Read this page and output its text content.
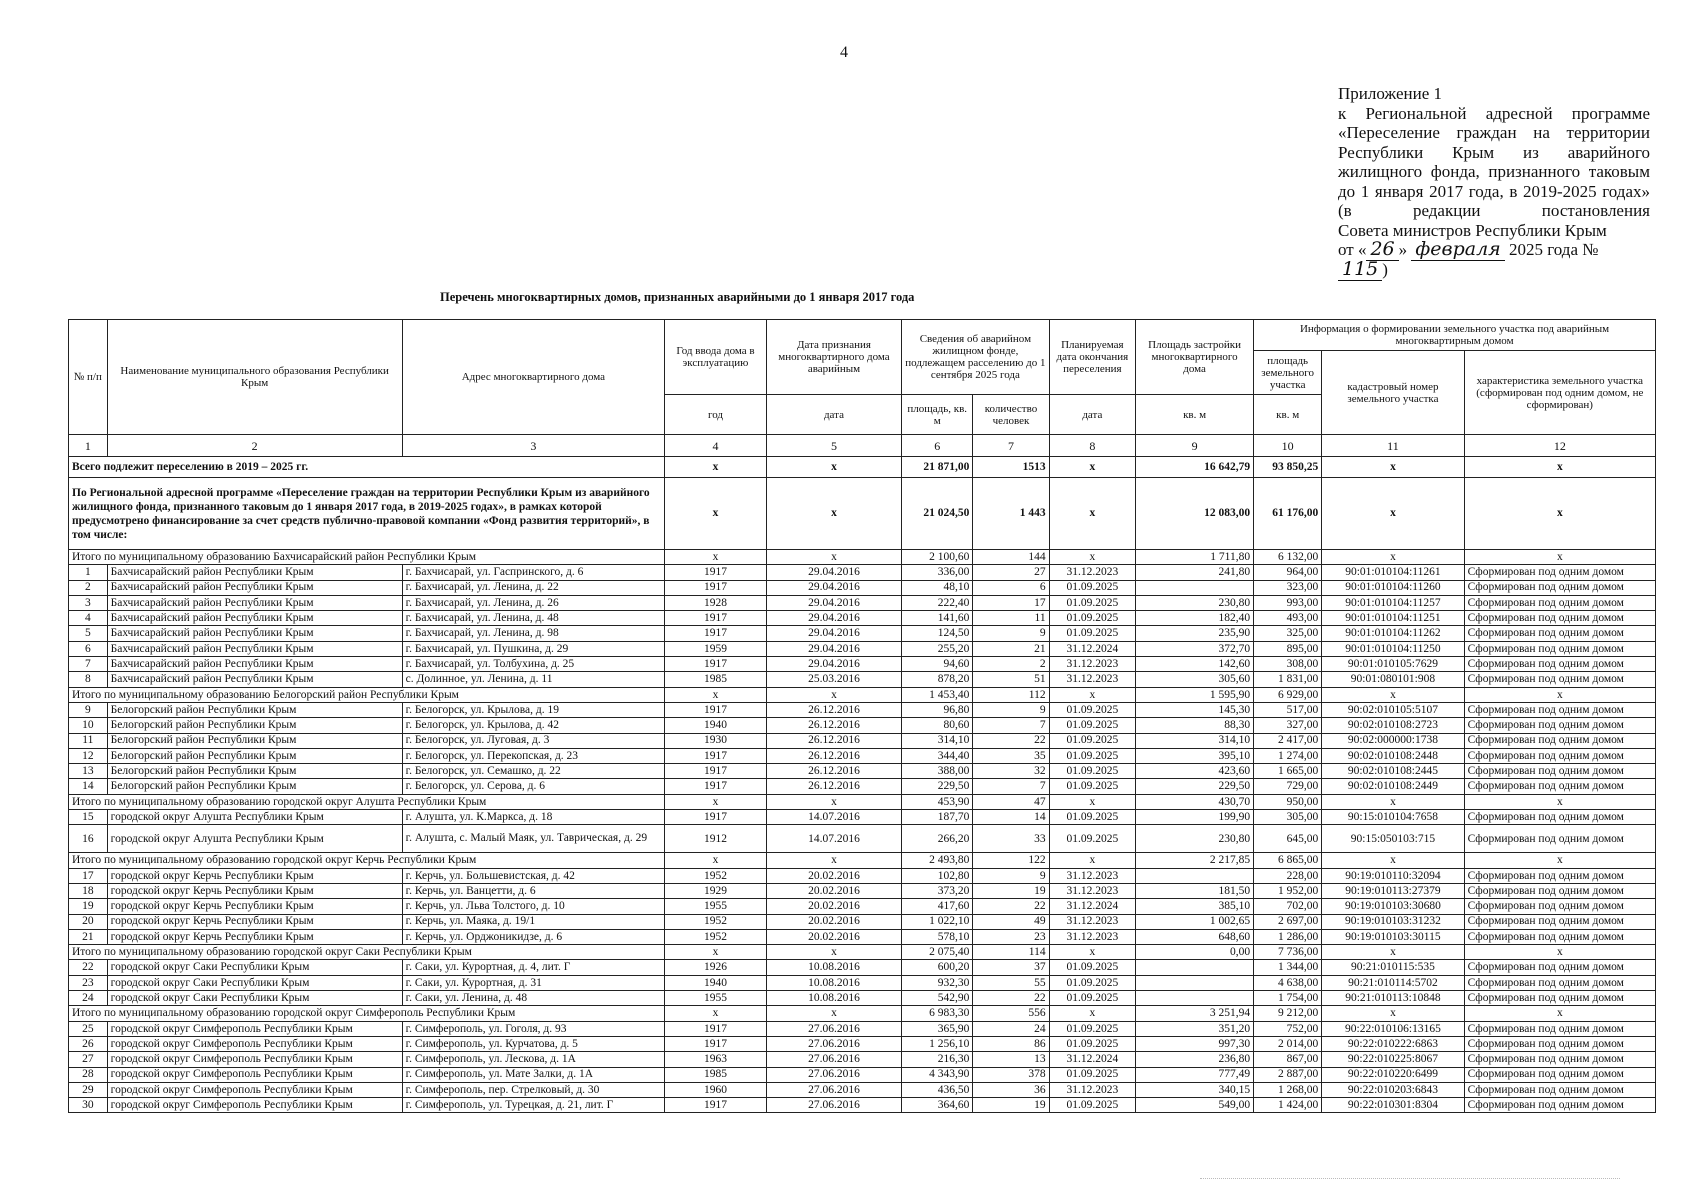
4
Приложение 1
к Региональной адресной программе
«Переселение граждан на территории
Республики Крым из аварийного
жилищного фонда, признанного таковым
до 1 января 2017 года, в 2019-2025 годах»
(в редакции постановления
Совета министров Республики Крым
от « 26 » февраля 2025 года № 115 )
Перечень многоквартирных домов, признанных аварийными до 1 января 2017 года
№ п/п	Наименование муниципального образования Республики Крым	Адрес многоквартирного дома	Год ввода дома в эксплуатацию	Дата признания многоквартирного дома аварийным	Сведения об аварийном жилищном фонде, подлежащем расселению до 1 сентября 2025 года		Планируемая дата окончания переселения	Площадь застройки многоквартирного дома	Информация о формировании земельного участка под аварийным многоквартирным домом		
									площадь земельного участка	кадастровый номер земельного участка	характеристика земельного участка (сформирован под одним домом, не сформирован)
			год	дата	площадь, кв. м	количество человек	дата	кв. м	кв. м		
1	2	3	4	5	6	7	8	9	10	11	12
Всего подлежит переселению в 2019 – 2025 гг.			x	x	21 871,00	1513	x	16 642,79	93 850,25	x	x
По Региональной адресной программе «Переселение граждан на территории Республики Крым из аварийного жилищного фонда, признанного таковым до 1 января 2017 года, в 2019-2025 годах», в рамках которой предусмотрено финансирование за счет средств публично-правовой компании «Фонд развития территорий», в том числе:			x	x	21 024,50	1 443	x	12 083,00	61 176,00	x	x
Итого по муниципальному образованию Бахчисарайский район Республики Крым			x	x	2 100,60	144	x	1 711,80	6 132,00	x	x
1	Бахчисарайский район Республики Крым	г. Бахчисарай, ул. Гаспринского, д. 6	1917	29.04.2016	336,00	27	31.12.2023	241,80	964,00	90:01:010104:11261	Сформирован под одним домом
2	Бахчисарайский район Республики Крым	г. Бахчисарай, ул. Ленина, д. 22	1917	29.04.2016	48,10	6	01.09.2025		323,00	90:01:010104:11260	Сформирован под одним домом
3	Бахчисарайский район Республики Крым	г. Бахчисарай, ул. Ленина, д. 26	1928	29.04.2016	222,40	17	01.09.2025	230,80	993,00	90:01:010104:11257	Сформирован под одним домом
4	Бахчисарайский район Республики Крым	г. Бахчисарай, ул. Ленина, д. 48	1917	29.04.2016	141,60	11	01.09.2025	182,40	493,00	90:01:010104:11251	Сформирован под одним домом
5	Бахчисарайский район Республики Крым	г. Бахчисарай, ул. Ленина, д. 98	1917	29.04.2016	124,50	9	01.09.2025	235,90	325,00	90:01:010104:11262	Сформирован под одним домом
6	Бахчисарайский район Республики Крым	г. Бахчисарай, ул. Пушкина, д. 29	1959	29.04.2016	255,20	21	31.12.2024	372,70	895,00	90:01:010104:11250	Сформирован под одним домом
7	Бахчисарайский район Республики Крым	г. Бахчисарай, ул. Толбухина, д. 25	1917	29.04.2016	94,60	2	31.12.2023	142,60	308,00	90:01:010105:7629	Сформирован под одним домом
8	Бахчисарайский район Республики Крым	с. Долинное, ул. Ленина, д. 11	1985	25.03.2016	878,20	51	31.12.2023	305,60	1 831,00	90:01:080101:908	Сформирован под одним домом
Итого по муниципальному образованию Белогорский район Республики Крым			x	x	1 453,40	112	x	1 595,90	6 929,00	x	x
9	Белогорский район Республики Крым	г. Белогорск, ул. Крылова, д. 19	1917	26.12.2016	96,80	9	01.09.2025	145,30	517,00	90:02:010105:5107	Сформирован под одним домом
10	Белогорский район Республики Крым	г. Белогорск, ул. Крылова, д. 42	1940	26.12.2016	80,60	7	01.09.2025	88,30	327,00	90:02:010108:2723	Сформирован под одним домом
11	Белогорский район Республики Крым	г. Белогорск, ул. Луговая, д. 3	1930	26.12.2016	314,10	22	01.09.2025	314,10	2 417,00	90:02:000000:1738	Сформирован под одним домом
12	Белогорский район Республики Крым	г. Белогорск, ул. Перекопская, д. 23	1917	26.12.2016	344,40	35	01.09.2025	395,10	1 274,00	90:02:010108:2448	Сформирован под одним домом
13	Белогорский район Республики Крым	г. Белогорск, ул. Семашко, д. 22	1917	26.12.2016	388,00	32	01.09.2025	423,60	1 665,00	90:02:010108:2445	Сформирован под одним домом
14	Белогорский район Республики Крым	г. Белогорск, ул. Серова, д. 6	1917	26.12.2016	229,50	7	01.09.2025	229,50	729,00	90:02:010108:2449	Сформирован под одним домом
Итого по муниципальному образованию городской округ Алушта Республики Крым			x	x	453,90	47	x	430,70	950,00	x	x
15	городской округ Алушта Республики Крым	г. Алушта, ул. К.Маркса, д. 18	1917	14.07.2016	187,70	14	01.09.2025	199,90	305,00	90:15:010104:7658	Сформирован под одним домом
16	городской округ Алушта Республики Крым	г. Алушта, с. Малый Маяк, ул. Таврическая, д. 29	1912	14.07.2016	266,20	33	01.09.2025	230,80	645,00	90:15:050103:715	Сформирован под одним домом
Итого по муниципальному образованию городской округ Керчь Республики Крым			x	x	2 493,80	122	x	2 217,85	6 865,00	x	x
17	городской округ Керчь Республики Крым	г. Керчь, ул. Большевистская, д. 42	1952	20.02.2016	102,80	9	31.12.2023		228,00	90:19:010110:32094	Сформирован под одним домом
18	городской округ Керчь Республики Крым	г. Керчь, ул. Ванцетти, д. 6	1929	20.02.2016	373,20	19	31.12.2023	181,50	1 952,00	90:19:010113:27379	Сформирован под одним домом
19	городской округ Керчь Республики Крым	г. Керчь, ул. Льва Толстого, д. 10	1955	20.02.2016	417,60	22	31.12.2024	385,10	702,00	90:19:010103:30680	Сформирован под одним домом
20	городской округ Керчь Республики Крым	г. Керчь, ул. Маяка, д. 19/1	1952	20.02.2016	1 022,10	49	31.12.2023	1 002,65	2 697,00	90:19:010103:31232	Сформирован под одним домом
21	городской округ Керчь Республики Крым	г. Керчь, ул. Орджоникидзе, д. 6	1952	20.02.2016	578,10	23	31.12.2023	648,60	1 286,00	90:19:010103:30115	Сформирован под одним домом
Итого по муниципальному образованию городской округ Саки Республики Крым			x	x	2 075,40	114	x	0,00	7 736,00	x	x
22	городской округ Саки Республики Крым	г. Саки, ул. Курортная, д. 4, лит. Г	1926	10.08.2016	600,20	37	01.09.2025		1 344,00	90:21:010115:535	Сформирован под одним домом
23	городской округ Саки Республики Крым	г. Саки, ул. Курортная, д. 31	1940	10.08.2016	932,30	55	01.09.2025		4 638,00	90:21:010114:5702	Сформирован под одним домом
24	городской округ Саки Республики Крым	г. Саки, ул. Ленина, д. 48	1955	10.08.2016	542,90	22	01.09.2025		1 754,00	90:21:010113:10848	Сформирован под одним домом
Итого по муниципальному образованию городской округ Симферополь Республики Крым			x	x	6 983,30	556	x	3 251,94	9 212,00	x	x
25	городской округ Симферополь Республики Крым	г. Симферополь, ул. Гоголя, д. 93	1917	27.06.2016	365,90	24	01.09.2025	351,20	752,00	90:22:010106:13165	Сформирован под одним домом
26	городской округ Симферополь Республики Крым	г. Симферополь, ул. Курчатова, д. 5	1917	27.06.2016	1 256,10	86	01.09.2025	997,30	2 014,00	90:22:010222:6863	Сформирован под одним домом
27	городской округ Симферополь Республики Крым	г. Симферополь, ул. Лескова, д. 1А	1963	27.06.2016	216,30	13	31.12.2024	236,80	867,00	90:22:010225:8067	Сформирован под одним домом
28	городской округ Симферополь Республики Крым	г. Симферополь, ул. Мате Залки, д. 1А	1985	27.06.2016	4 343,90	378	01.09.2025	777,49	2 887,00	90:22:010220:6499	Сформирован под одним домом
29	городской округ Симферополь Республики Крым	г. Симферополь, пер. Стрелковый, д. 30	1960	27.06.2016	436,50	36	31.12.2023	340,15	1 268,00	90:22:010203:6843	Сформирован под одним домом
30	городской округ Симферополь Республики Крым	г. Симферополь, ул. Турецкая, д. 21, лит. Г	1917	27.06.2016	364,60	19	01.09.2025	549,00	1 424,00	90:22:010301:8304	Сформирован под одним домом
